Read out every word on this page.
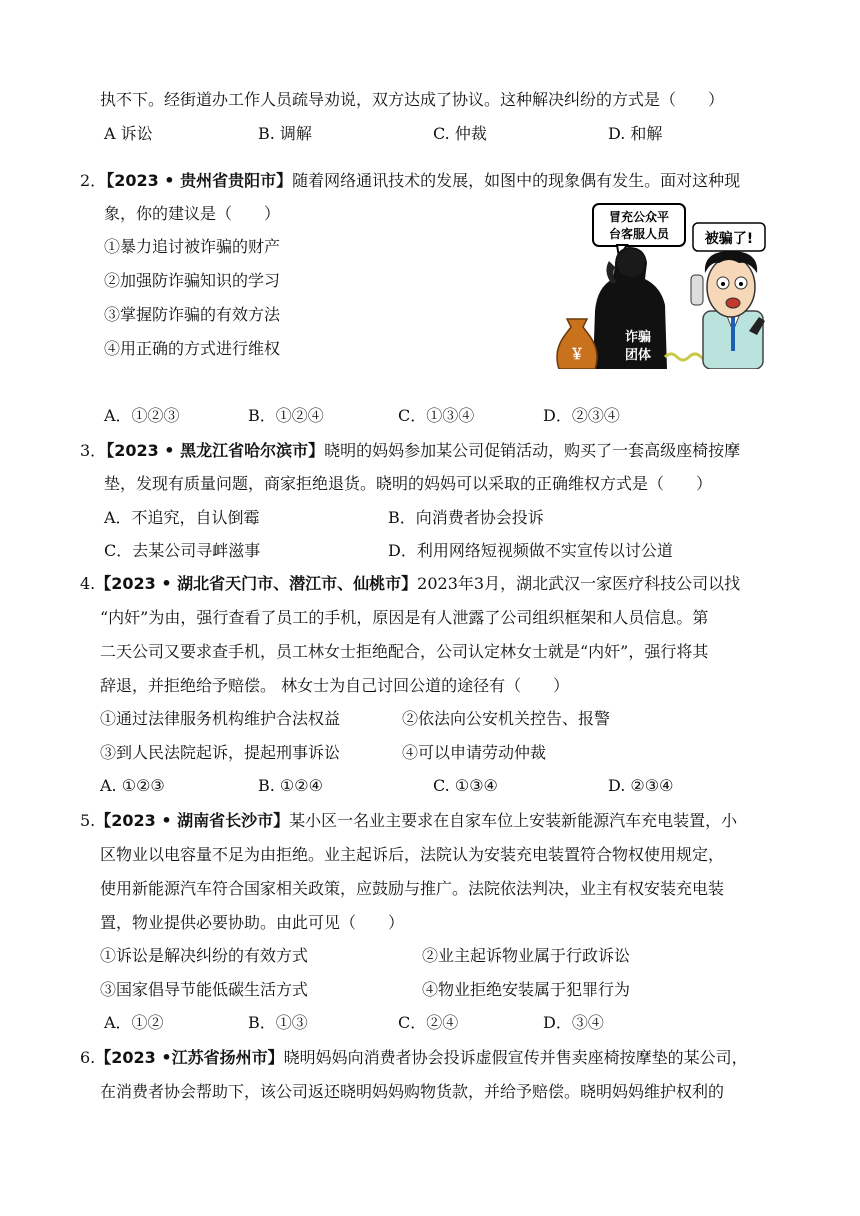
执不下。经街道办工作人员疏导劝说，双方达成了协议。这种解决纠纷的方式是（　　）
A 诉讼	B. 调解	C. 仲裁	D. 和解
2．【2023 • 贵州省贵阳市】随着网络通讯技术的发展，如图中的现象偶有发生。面对这种现
象，你的建议是（　　）
①暴力追讨被诈骗的财产
②加强防诈骗知识的学习
③掌握防诈骗的有效方法
④用正确的方式进行维权
冒充公众平
台客服人员	被骗了!
诈骗
团体
￥
A．①②③	B．①②④	C．①③④	D．②③④
3．【2023 • 黑龙江省哈尔滨市】晓明的妈妈参加某公司促销活动，购买了一套高级座椅按摩
垫，发现有质量问题，商家拒绝退货。晓明的妈妈可以采取的正确维权方式是（　　）
A．不追究，自认倒霉	B．向消费者协会投诉
C．去某公司寻衅滋事	D．利用网络短视频做不实宣传以讨公道
4.【2023 • 湖北省天门市、潜江市、仙桃市】2023年3月，湖北武汉一家医疗科技公司以找
“内奸”为由，强行查看了员工的手机，原因是有人泄露了公司组织框架和人员信息。第
二天公司又要求查手机，员工林女士拒绝配合，公司认定林女士就是“内奸”，强行将其
辞退，并拒绝给予赔偿。 林女士为自己讨回公道的途径有（　　）
①通过法律服务机构维护合法权益	②依法向公安机关控告、报警
③到人民法院起诉，提起刑事诉讼	④可以申请劳动仲裁
A. ①②③	B. ①②④	C. ①③④	D. ②③④
5.【2023 • 湖南省长沙市】某小区一名业主要求在自家车位上安装新能源汽车充电装置，小
区物业以电容量不足为由拒绝。业主起诉后，法院认为安装充电装置符合物权使用规定，
使用新能源汽车符合国家相关政策，应鼓励与推广。法院依法判决，业主有权安装充电装
置，物业提供必要协助。由此可见（　　）
①诉讼是解决纠纷的有效方式	②业主起诉物业属于行政诉讼
③国家倡导节能低碳生活方式	④物业拒绝安装属于犯罪行为
A．①②	B．①③	C．②④	D．③④
6.【2023 •江苏省扬州市】晓明妈妈向消费者协会投诉虚假宣传并售卖座椅按摩垫的某公司，
在消费者协会帮助下，该公司返还晓明妈妈购物货款，并给予赔偿。晓明妈妈维护权利的
